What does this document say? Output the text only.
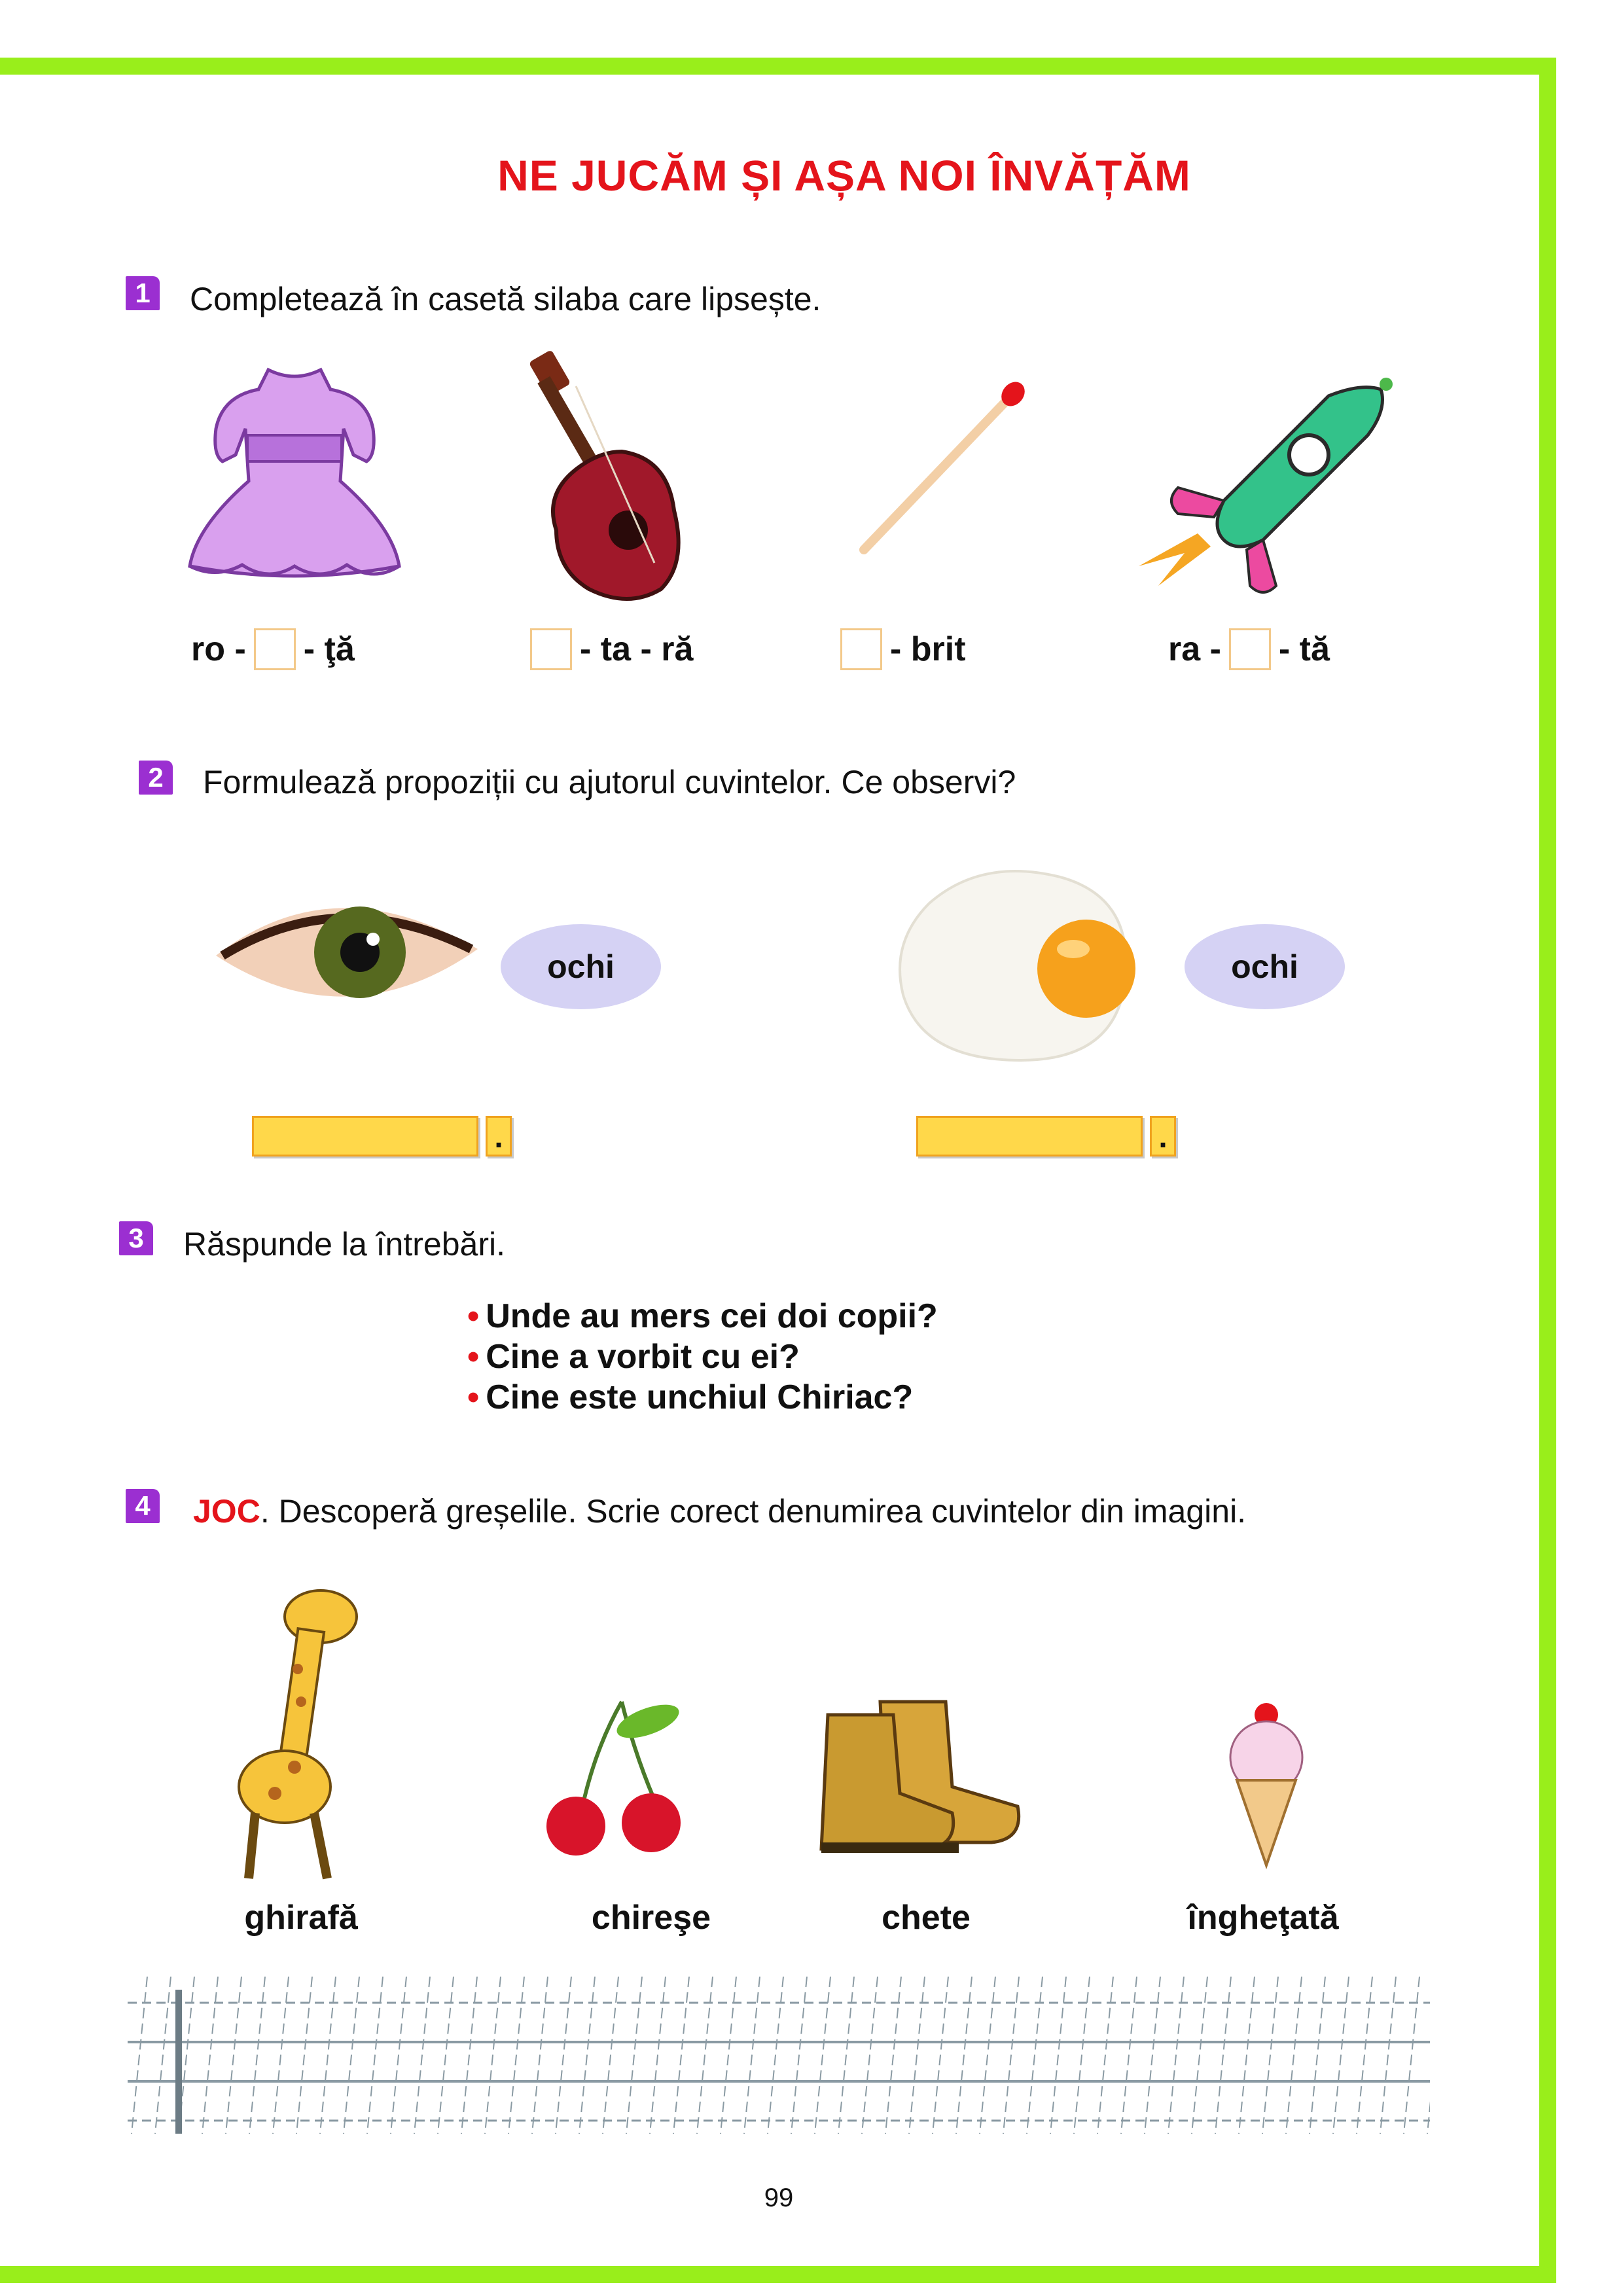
NE JUCĂM ȘI AȘA NOI ÎNVĂȚĂM
1 Completează în casetă silaba care lipsește.
ro - - ţă	- ta - ră	- brit	ra - - tă
2 Formulează propoziții cu ajutorul cuvintelor. Ce observi?
ochi	ochi
.	.
3 Răspunde la întrebări.
• Unde au mers cei doi copii?
• Cine a vorbit cu ei?
• Cine este unchiul Chiriac?
4 JOC. Descoperă greșelile. Scrie corect denumirea cuvintelor din imagini.
ghirafă	chireşe	chete	îngheţată
99
